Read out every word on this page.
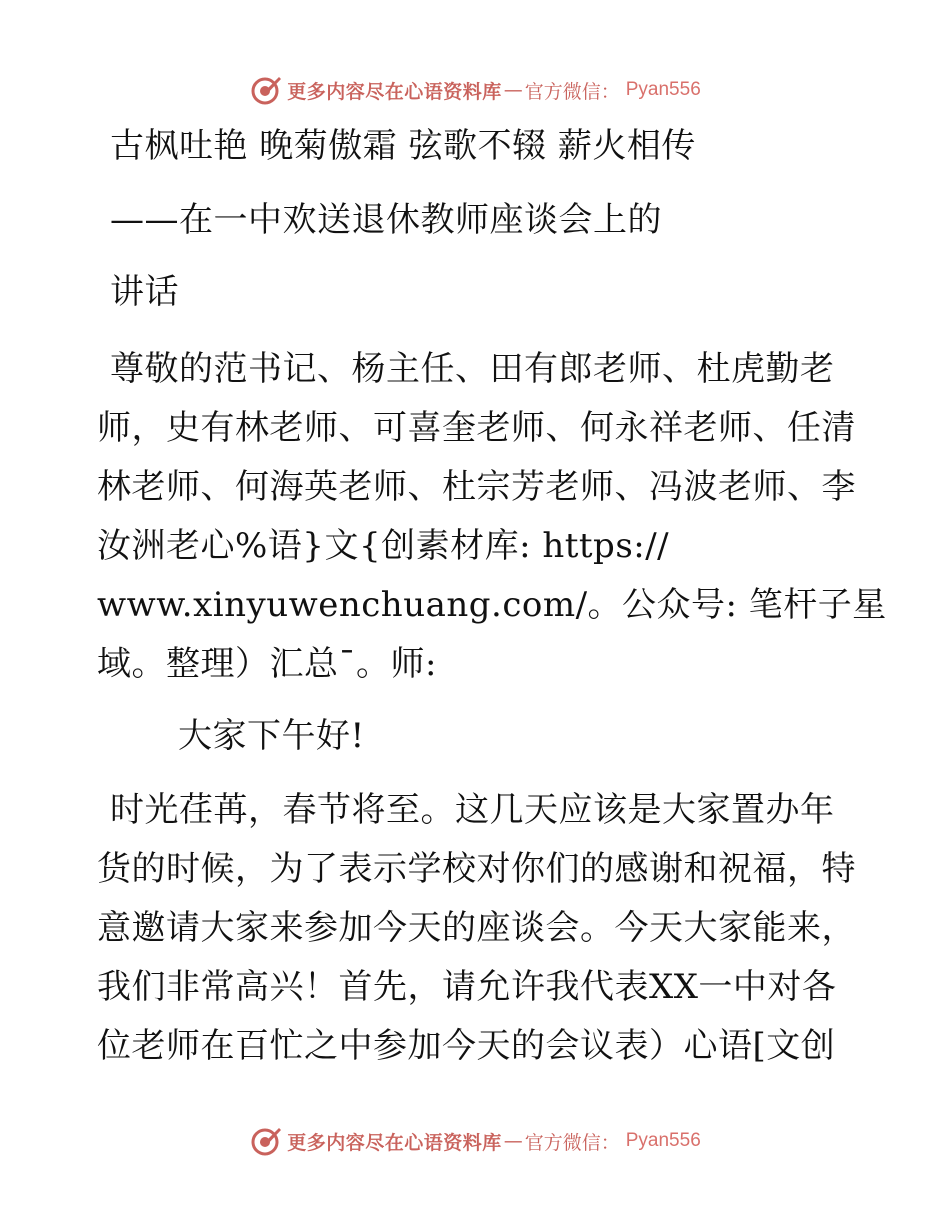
更多内容尽在心语资料库 — 官方微信： Pyan556
古枫吐艳 晚菊傲霜 弦歌不辍 薪火相传
——在一中欢送退休教师座谈会上的
讲话
尊敬的范书记、杨主任、田有郎老师、杜虎勤老
师，史有林老师、可喜奎老师、何永祥老师、任清
林老师、何海英老师、杜宗芳老师、冯波老师、李
汝洲老心%语}文{创素材库: https://
www.xinyuwenchuang.com/。公众号: 笔杆子星
域。整理）汇总¯。师:
大家下午好!
时光荏苒，春节将至。这几天应该是大家置办年
货的时候，为了表示学校对你们的感谢和祝福，特
意邀请大家来参加今天的座谈会。今天大家能来，
我们非常高兴！首先，请允许我代表XX一中对各
位老师在百忙之中参加今天的会议表）心语[文创
更多内容尽在心语资料库 — 官方微信： Pyan556
